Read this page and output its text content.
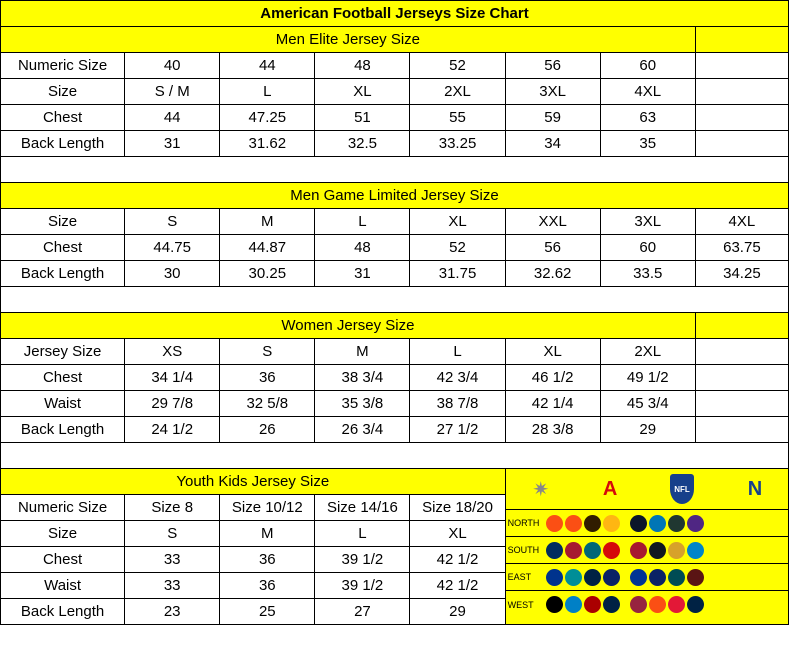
American Football Jerseys Size Chart							
Men Elite Jersey Size							
Numeric Size	40	44	48	52	56	60	
Size	S / M	L	XL	2XL	3XL	4XL	
Chest	44	47.25	51	55	59	63	
Back Length	31	31.62	32.5	33.25	34	35	

Men Game Limited Jersey Size							
Size	S	M	L	XL	XXL	3XL	4XL
Chest	44.75	44.87	48	52	56	60	63.75
Back Length	30	30.25	31	31.75	32.62	33.5	34.25

Women Jersey Size							
Jersey Size	XS	S	M	L	XL	2XL	
Chest	34 1/4	36	38 3/4	42 3/4	46 1/2	49 1/2	
Waist	29 7/8	32 5/8	35 3/8	38 7/8	42 1/4	45 3/4	
Back Length	24 1/2	26	26 3/4	27 1/2	28 3/8	29	

Youth Kids Jersey Size	✷	A	NFL	N
NORTH
SOUTH
EAST
WEST

Numeric Size	Size 8	Size 10/12	Size 14/16	Size 18/20			
Size	S	M	L	XL			
Chest	33	36	39 1/2	42 1/2			
Waist	33	36	39 1/2	42 1/2			
Back Length	23	25	27	29			
